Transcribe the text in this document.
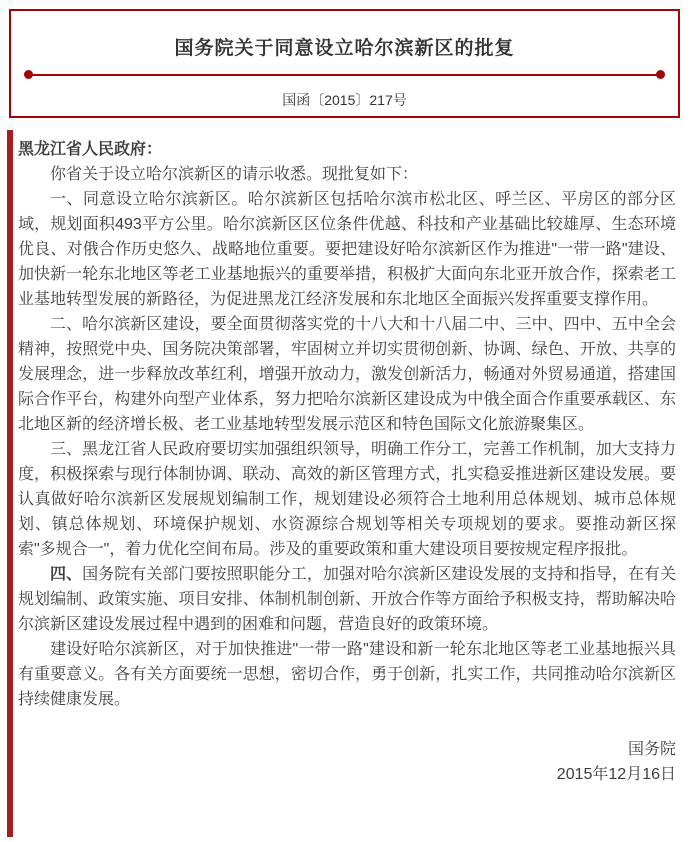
国务院关于同意设立哈尔滨新区的批复
国函〔2015〕217号

黑龙江省人民政府：

你省关于设立哈尔滨新区的请示收悉。现批复如下：

一、同意设立哈尔滨新区。哈尔滨新区包括哈尔滨市松北区、呼兰区、平房区的部分区域，规划面积493平方公里。哈尔滨新区区位条件优越、科技和产业基础比较雄厚、生态环境优良、对俄合作历史悠久、战略地位重要。要把建设好哈尔滨新区作为推进"一带一路"建设、加快新一轮东北地区等老工业基地振兴的重要举措，积极扩大面向东北亚开放合作，探索老工业基地转型发展的新路径，为促进黑龙江经济发展和东北地区全面振兴发挥重要支撑作用。

二、哈尔滨新区建设，要全面贯彻落实党的十八大和十八届二中、三中、四中、五中全会精神，按照党中央、国务院决策部署，牢固树立并切实贯彻创新、协调、绿色、开放、共享的发展理念，进一步释放改革红利，增强开放动力，激发创新活力，畅通对外贸易通道，搭建国际合作平台，构建外向型产业体系，努力把哈尔滨新区建设成为中俄全面合作重要承载区、东北地区新的经济增长极、老工业基地转型发展示范区和特色国际文化旅游聚集区。

三、黑龙江省人民政府要切实加强组织领导，明确工作分工，完善工作机制，加大支持力度，积极探索与现行体制协调、联动、高效的新区管理方式，扎实稳妥推进新区建设发展。要认真做好哈尔滨新区发展规划编制工作，规划建设必须符合土地利用总体规划、城市总体规划、镇总体规划、环境保护规划、水资源综合规划等相关专项规划的要求。要推动新区探索"多规合一"，着力优化空间布局。涉及的重要政策和重大建设项目要按规定程序报批。

四、国务院有关部门要按照职能分工，加强对哈尔滨新区建设发展的支持和指导，在有关规划编制、政策实施、项目安排、体制机制创新、开放合作等方面给予积极支持，帮助解决哈尔滨新区建设发展过程中遇到的困难和问题，营造良好的政策环境。

建设好哈尔滨新区，对于加快推进"一带一路"建设和新一轮东北地区等老工业基地振兴具有重要意义。各有关方面要统一思想，密切合作，勇于创新，扎实工作，共同推动哈尔滨新区持续健康发展。

国务院

2015年12月16日
